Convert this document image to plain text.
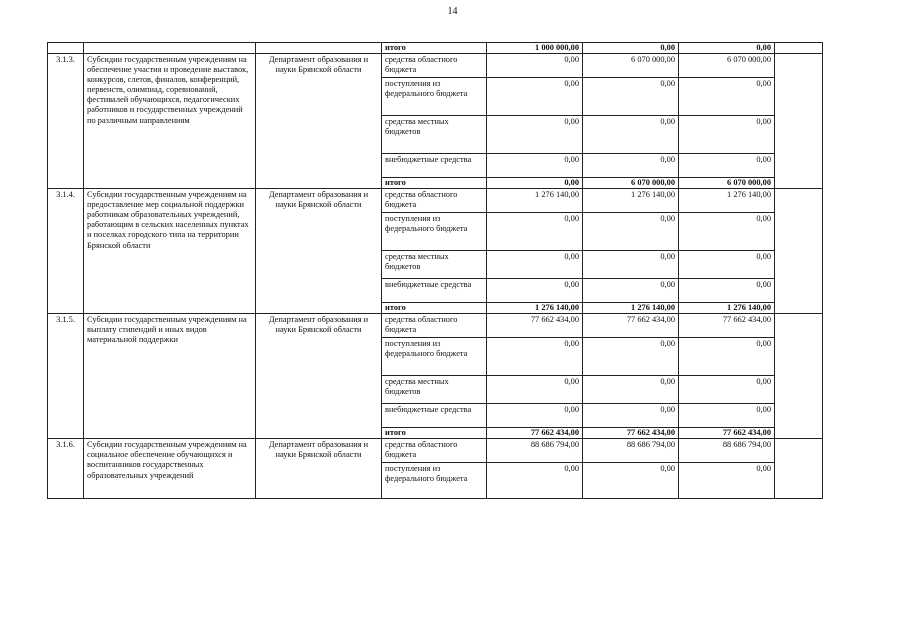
14
			итого	1 000 000,00	0,00	0,00	
3.1.3.	Субсидии государственным учреждениям на обеспечение участия и проведение выставок, конкурсов, слетов, финалов, конференций, первенств, олимпиад, соревнований, фестивалей обучающихся, педагогических работников и государственных учреждений по различным направлениям	Департамент образования и науки Брянской области	средства областного бюджета	0,00	6 070 000,00	6 070 000,00	
			поступления из федерального бюджета	0,00	0,00	0,00	
			средства местных бюджетов	0,00	0,00	0,00	
			внебюджетные средства	0,00	0,00	0,00	
			итого	0,00	6 070 000,00	6 070 000,00	
3.1.4.	Субсидии государственным учреждениям на предоставление мер социальной поддержки работникам образовательных учреждений, работающим в сельских населенных пунктах и поселках городского типа на территории Брянской области	Департамент образования и науки Брянской области	средства областного бюджета	1 276 140,00	1 276 140,00	1 276 140,00	
			поступления из федерального бюджета	0,00	0,00	0,00	
			средства местных бюджетов	0,00	0,00	0,00	
			внебюджетные средства	0,00	0,00	0,00	
			итого	1 276 140,00	1 276 140,00	1 276 140,00	
3.1.5.	Субсидии государственным учреждениям на выплату стипендий и иных видов материальной поддержки	Департамент образования и науки Брянской области	средства областного бюджета	77 662 434,00	77 662 434,00	77 662 434,00	
			поступления из федерального бюджета	0,00	0,00	0,00	
			средства местных бюджетов	0,00	0,00	0,00	
			внебюджетные средства	0,00	0,00	0,00	
			итого	77 662 434,00	77 662 434,00	77 662 434,00	
3.1.6.	Субсидии государственным учреждениям на социальное обеспечение обучающихся и воспитанников государственных образовательных учреждений	Департамент образования и науки Брянской области	средства областного бюджета	88 686 794,00	88 686 794,00	88 686 794,00	
			поступления из федерального бюджета	0,00	0,00	0,00	
